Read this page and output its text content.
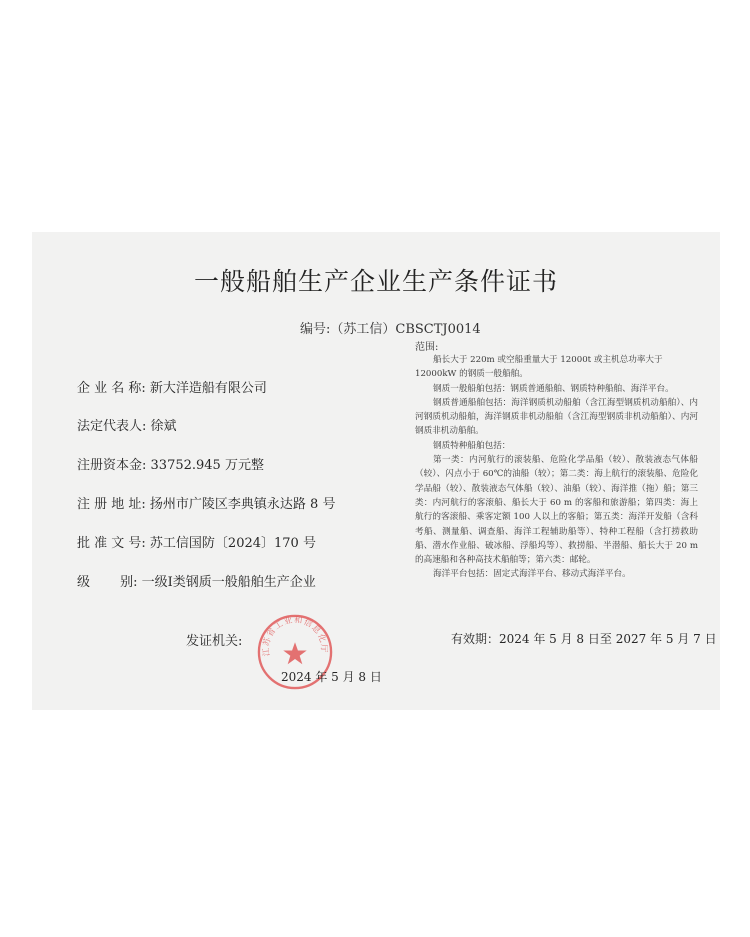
一般船舶生产企业生产条件证书
编号:（苏工信）CBSCTJ0014
企 业 名 称: 新大洋造船有限公司
法定代表人: 徐斌
注册资本金: 33752.945 万元整
注 册 地 址: 扬州市广陵区李典镇永达路 8 号
批 准 文 号: 苏工信国防〔2024〕170 号
级　　 别: 一级Ⅰ类钢质一般船舶生产企业
范围:

船长大于 220m 或空船重量大于 12000t 或主机总功率大于

12000kW 的钢质一般船舶。

钢质一般船舶包括：钢质普通船舶、钢质特种船舶、海洋平台。

钢质普通船舶包括：海洋钢质机动船舶（含江海型钢质机动船舶）、内河钢质机动船舶，海洋钢质非机动船舶（含江海型钢质非机动船舶）、内河钢质非机动船舶。

钢质特种船舶包括：

第一类：内河航行的滚装船、危险化学品船（较）、散装液态气体船（较）、闪点小于 60℃的油船（较）；第二类：海上航行的滚装船、危险化学品船（较）、散装液态气体船（较）、油船（较）、海洋推（拖）船；第三类：内河航行的客滚船、船长大于 60 m 的客船和旅游船；第四类：海上航行的客滚船、乘客定额 100 人以上的客船；第五类：海洋开发船（含科考船、测量船、调查船、海洋工程辅助船等）、特种工程船（含打捞救助船、潜水作业船、破冰船、浮船坞等）、救捞船、半潜船、船长大于 20 m 的高速船和各种高技术船舶等；第六类：邮轮。

海洋平台包括：固定式海洋平台、移动式海洋平台。

发证机关:
江苏省工业和信息化厅
2024 年 5 月 8 日
有效期：2024 年 5 月 8 日至 2027 年 5 月 7 日
